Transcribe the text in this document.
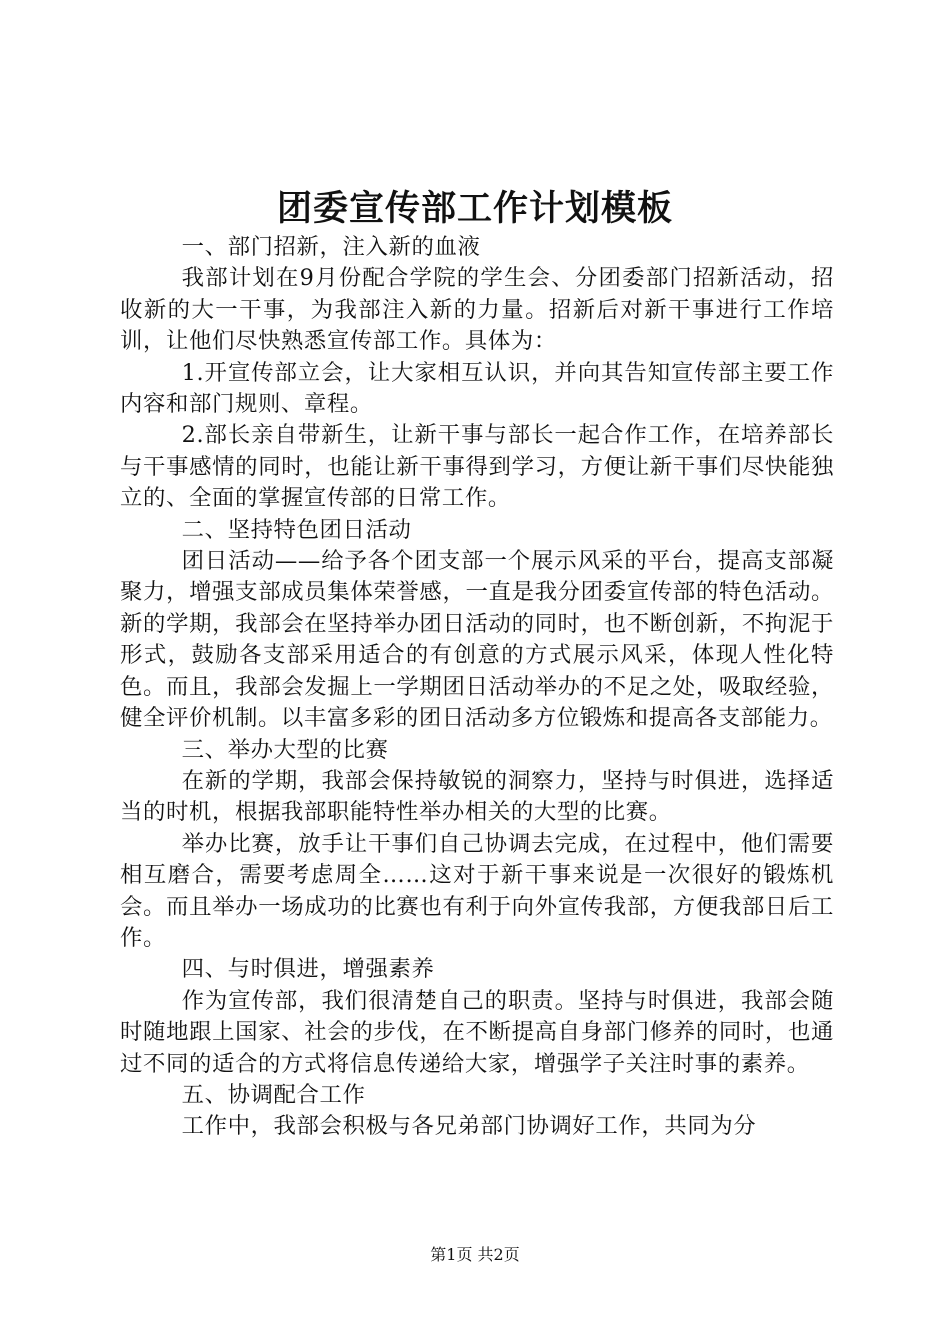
团委宣传部工作计划模板

一、部门招新，注入新的血液

我部计划在9月份配合学院的学生会、分团委部门招新活动，招收新的大一干事，为我部注入新的力量。招新后对新干事进行工作培训，让他们尽快熟悉宣传部工作。具体为：

1.开宣传部立会，让大家相互认识，并向其告知宣传部主要工作内容和部门规则、章程。

2.部长亲自带新生，让新干事与部长一起合作工作，在培养部长与干事感情的同时，也能让新干事得到学习，方便让新干事们尽快能独立的、全面的掌握宣传部的日常工作。

二、坚持特色团日活动

团日活动——给予各个团支部一个展示风采的平台，提高支部凝聚力，增强支部成员集体荣誉感，一直是我分团委宣传部的特色活动。新的学期，我部会在坚持举办团日活动的同时，也不断创新，不拘泥于形式，鼓励各支部采用适合的有创意的方式展示风采，体现人性化特色。而且，我部会发掘上一学期团日活动举办的不足之处，吸取经验，健全评价机制。以丰富多彩的团日活动多方位锻炼和提高各支部能力。

三、举办大型的比赛

在新的学期，我部会保持敏锐的洞察力，坚持与时俱进，选择适当的时机，根据我部职能特性举办相关的大型的比赛。

举办比赛，放手让干事们自己协调去完成，在过程中，他们需要相互磨合，需要考虑周全……这对于新干事来说是一次很好的锻炼机会。而且举办一场成功的比赛也有利于向外宣传我部，方便我部日后工作。

四、与时俱进，增强素养

作为宣传部，我们很清楚自己的职责。坚持与时俱进，我部会随时随地跟上国家、社会的步伐，在不断提高自身部门修养的同时，也通过不同的适合的方式将信息传递给大家，增强学子关注时事的素养。

五、协调配合工作

工作中，我部会积极与各兄弟部门协调好工作，共同为分

第1页 共2页
